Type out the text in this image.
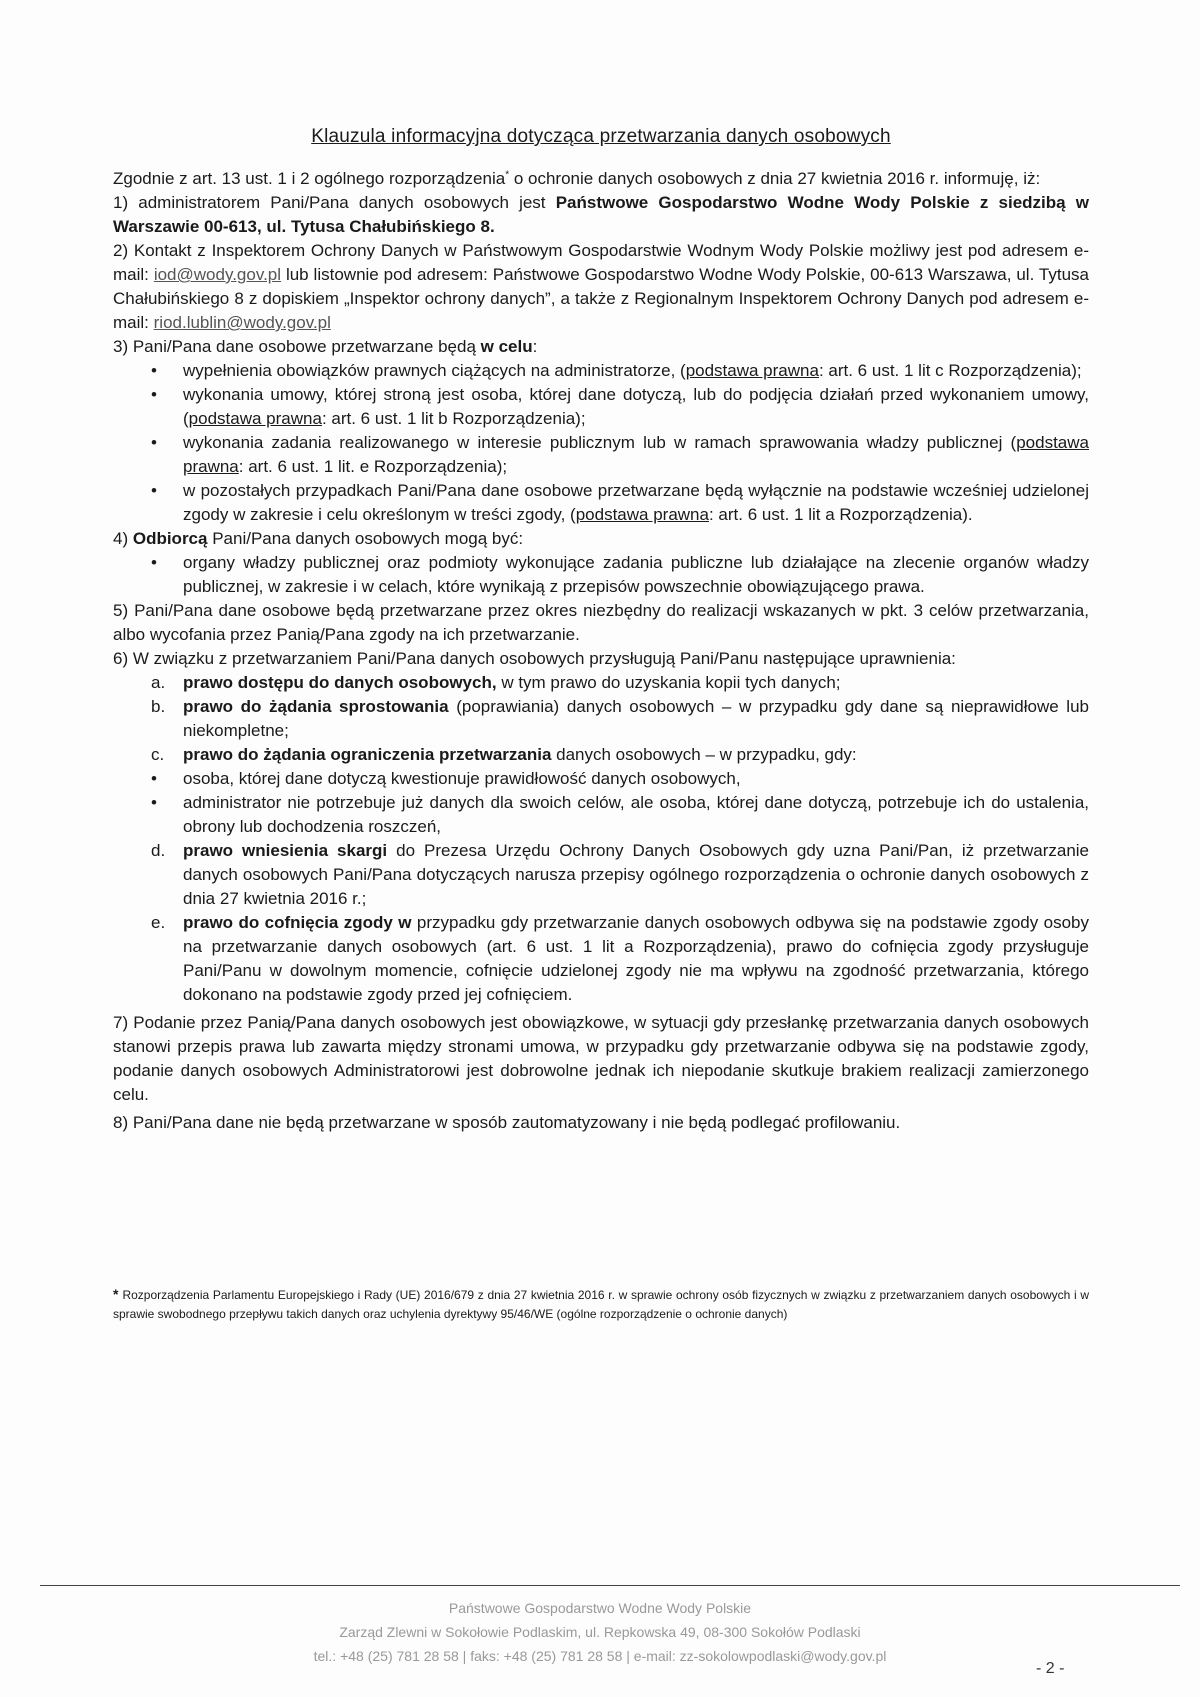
Klauzula informacyjna dotycząca przetwarzania danych osobowych

Zgodnie z art. 13 ust. 1 i 2 ogólnego rozporządzenia* o ochronie danych osobowych z dnia 27 kwietnia 2016 r. informuję, iż:

1) administratorem Pani/Pana danych osobowych jest Państwowe Gospodarstwo Wodne Wody Polskie z siedzibą w Warszawie 00-613, ul. Tytusa Chałubińskiego 8.

2) Kontakt z Inspektorem Ochrony Danych w Państwowym Gospodarstwie Wodnym Wody Polskie możliwy jest pod adresem e-mail: iod@wody.gov.pl lub listownie pod adresem: Państwowe Gospodarstwo Wodne Wody Polskie, 00-613 Warszawa, ul. Tytusa Chałubińskiego 8 z dopiskiem „Inspektor ochrony danych”, a także z Regionalnym Inspektorem Ochrony Danych pod adresem e-mail: riod.lublin@wody.gov.pl

3) Pani/Pana dane osobowe przetwarzane będą w celu:

• wypełnienia obowiązków prawnych ciążących na administratorze, (podstawa prawna: art. 6 ust. 1 lit c Rozporządzenia);
• wykonania umowy, której stroną jest osoba, której dane dotyczą, lub do podjęcia działań przed wykonaniem umowy, (podstawa prawna: art. 6 ust. 1 lit b Rozporządzenia);
• wykonania zadania realizowanego w interesie publicznym lub w ramach sprawowania władzy publicznej (podstawa prawna: art. 6 ust. 1 lit. e Rozporządzenia);
• w pozostałych przypadkach Pani/Pana dane osobowe przetwarzane będą wyłącznie na podstawie wcześniej udzielonej zgody w zakresie i celu określonym w treści zgody, (podstawa prawna: art. 6 ust. 1 lit a Rozporządzenia).

4) Odbiorcą Pani/Pana danych osobowych mogą być:

• organy władzy publicznej oraz podmioty wykonujące zadania publiczne lub działające na zlecenie organów władzy publicznej, w zakresie i w celach, które wynikają z przepisów powszechnie obowiązującego prawa.

5) Pani/Pana dane osobowe będą przetwarzane przez okres niezbędny do realizacji wskazanych w pkt. 3 celów przetwarzania, albo wycofania przez Panią/Pana zgody na ich przetwarzanie.

6) W związku z przetwarzaniem Pani/Pana danych osobowych przysługują Pani/Panu następujące uprawnienia:

a. prawo dostępu do danych osobowych, w tym prawo do uzyskania kopii tych danych;
b. prawo do żądania sprostowania (poprawiania) danych osobowych – w przypadku gdy dane są nieprawidłowe lub niekompletne;
c. prawo do żądania ograniczenia przetwarzania danych osobowych – w przypadku, gdy:
• osoba, której dane dotyczą kwestionuje prawidłowość danych osobowych,
• administrator nie potrzebuje już danych dla swoich celów, ale osoba, której dane dotyczą, potrzebuje ich do ustalenia, obrony lub dochodzenia roszczeń,
d. prawo wniesienia skargi do Prezesa Urzędu Ochrony Danych Osobowych gdy uzna Pani/Pan, iż przetwarzanie danych osobowych Pani/Pana dotyczących narusza przepisy ogólnego rozporządzenia o ochronie danych osobowych z dnia 27 kwietnia 2016 r.;
e. prawo do cofnięcia zgody w przypadku gdy przetwarzanie danych osobowych odbywa się na podstawie zgody osoby na przetwarzanie danych osobowych (art. 6 ust. 1 lit a Rozporządzenia), prawo do cofnięcia zgody przysługuje Pani/Panu w dowolnym momencie, cofnięcie udzielonej zgody nie ma wpływu na zgodność przetwarzania, którego dokonano na podstawie zgody przed jej cofnięciem.

7) Podanie przez Panią/Pana danych osobowych jest obowiązkowe, w sytuacji gdy przesłankę przetwarzania danych osobowych stanowi przepis prawa lub zawarta między stronami umowa, w przypadku gdy przetwarzanie odbywa się na podstawie zgody, podanie danych osobowych Administratorowi jest dobrowolne jednak ich niepodanie skutkuje brakiem realizacji zamierzonego celu.

8) Pani/Pana dane nie będą przetwarzane w sposób zautomatyzowany i nie będą podlegać profilowaniu.

* Rozporządzenia Parlamentu Europejskiego i Rady (UE) 2016/679 z dnia 27 kwietnia 2016 r. w sprawie ochrony osób fizycznych w związku z przetwarzaniem danych osobowych i w sprawie swobodnego przepływu takich danych oraz uchylenia dyrektywy 95/46/WE (ogólne rozporządzenie o ochronie danych)
Państwowe Gospodarstwo Wodne Wody Polskie
Zarząd Zlewni w Sokołowie Podlaskim, ul. Repkowska 49, 08-300 Sokołów Podlaski
tel.: +48 (25) 781 28 58 | faks: +48 (25) 781 28 58 | e-mail: zz-sokolowpodlaski@wody.gov.pl
- 2 -
